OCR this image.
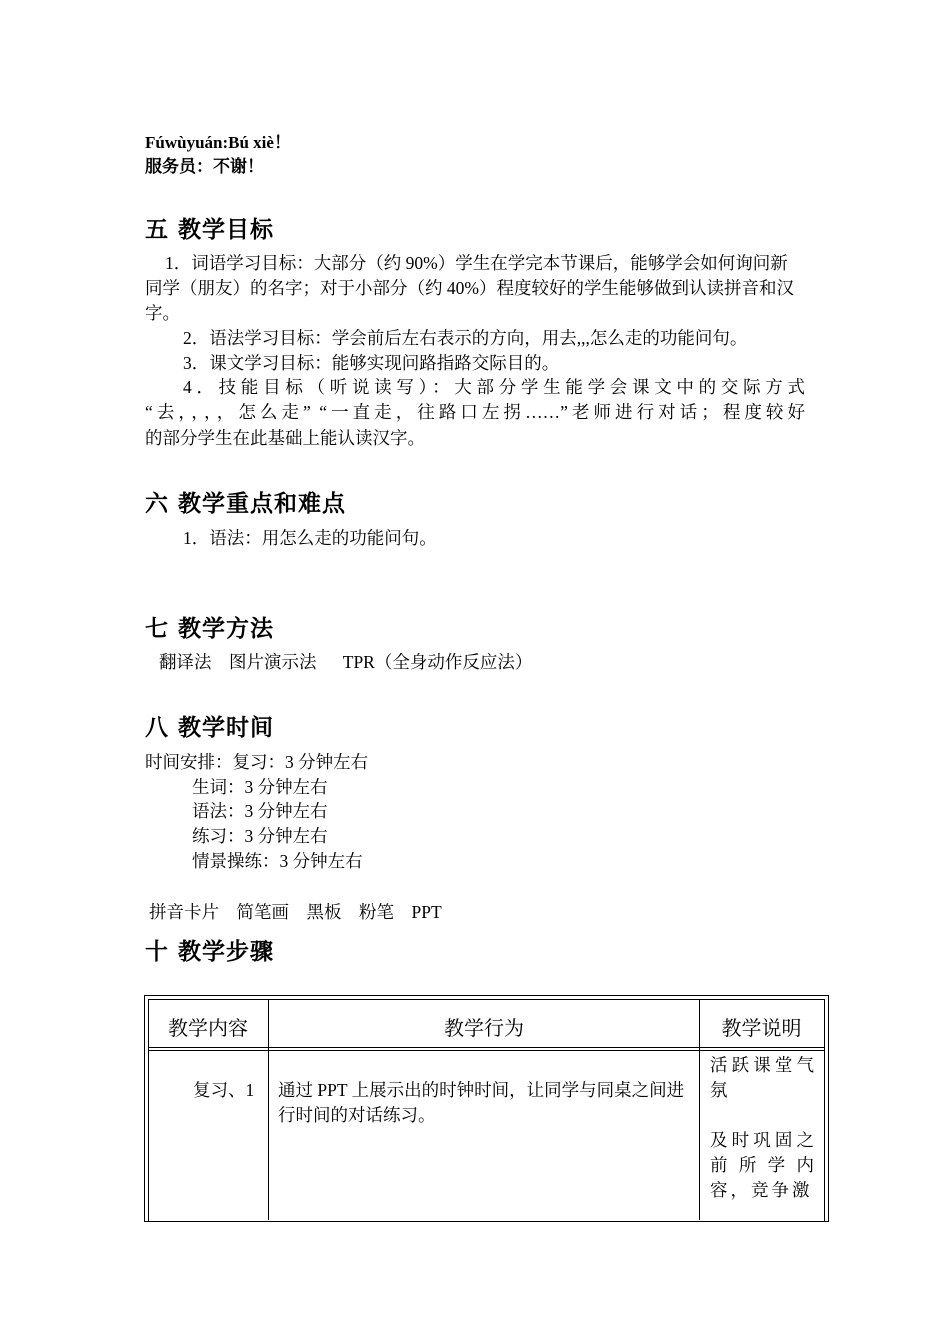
Fúwùyuán:Bú xiè！
服务员：不谢！
五 教学目标
1．词语学习目标：大部分（约 90%）学生在学完本节课后，能够学会如何询问新同学（朋友）的名字；对于小部分（约 40%）程度较好的学生能够做到认读拼音和汉字。
2．语法学习目标：学会前后左右表示的方向，用去,,,怎么走的功能问句。
3．课文学习目标：能够实现问路指路交际目的。
4．技能目标（听说读写）：大部分学生能学会课文中的交际方式
“去，，，，怎么走” “一直走，往路口左拐……”老师进行对话；程度较好
的部分学生在此基础上能认读汉字。
六 教学重点和难点
1．语法：用怎么走的功能问句。
七 教学方法
翻译法    图片演示法      TPR（全身动作反应法）
八 教学时间
时间安排：复习：3 分钟左右
生词：3 分钟左右
语法：3 分钟左右
练习：3 分钟左右
情景操练：3 分钟左右
拼音卡片    简笔画    黑板    粉笔    PPT
十 教学步骤
教学内容	教学行为	教学说明
复习、1 通过 PPT 上展示出的时钟时间，让同学与同桌之间进行时间的对话练习。
活跃课堂气氛
及时巩固之前所学内容，竞争激
